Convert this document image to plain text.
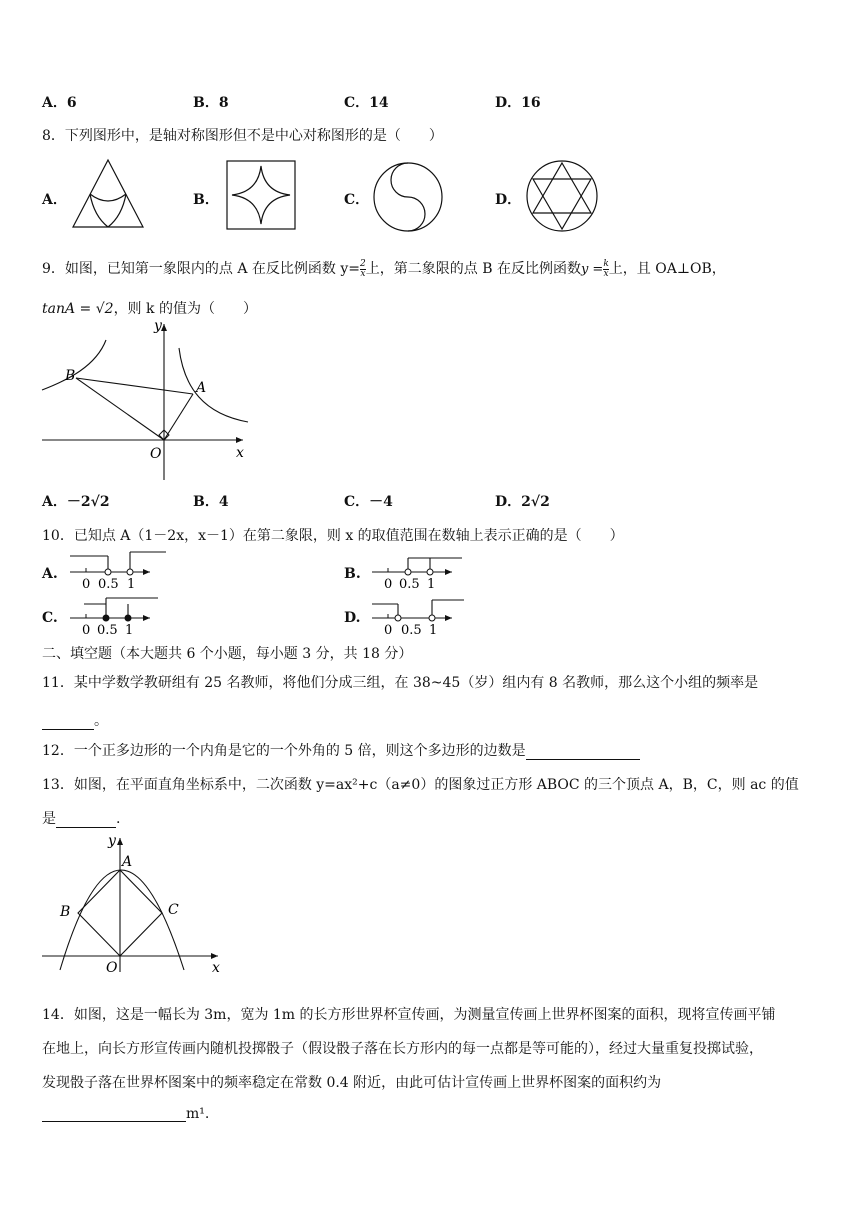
A．6	B．8	C．14	D．16
8．下列图形中，是轴对称图形但不是中心对称图形的是（　　）
A．	B．	C．	D．
9．如图，已知第一象限内的点 A 在反比例函数 $y= \frac{2}{x}$ 上，第二象限的点 B 在反比例函数$y = \frac{k}{x}$ 上，且 OA⊥OB，
tanA = √2，则 k 的值为（　　）
y
x
O
A
B
A．－2√2	B．4	C．－4	D．2√2
10．已知点 A（1－2x，x－1）在第二象限，则 x 的取值范围在数轴上表示正确的是（　　）
A.
0 0.5 1
B.
0 0.5 1
C.
0 0.5 1
D.
0 0.5 1
二、填空题（本大题共 6 个小题，每小题 3 分，共 18 分）
11．某中学数学教研组有 25 名教师，将他们分成三组，在 38~45（岁）组内有 8 名教师，那么这个小组的频率是
。
12．一个正多边形的一个内角是它的一个外角的 5 倍，则这个多边形的边数是
13．如图，在平面直角坐标系中，二次函数 y=ax²+c（a≠0）的图象过正方形 ABOC 的三个顶点 A，B，C，则 ac 的值
是	.
y
x
O
A
B	C
14．如图，这是一幅长为 3m，宽为 1m 的长方形世界杯宣传画，为测量宣传画上世界杯图案的面积，现将宣传画平铺
在地上，向长方形宣传画内随机投掷骰子（假设骰子落在长方形内的每一点都是等可能的），经过大量重复投掷试验，
发现骰子落在世界杯图案中的频率稳定在常数 0.4 附近，由此可估计宣传画上世界杯图案的面积约为
m¹.
